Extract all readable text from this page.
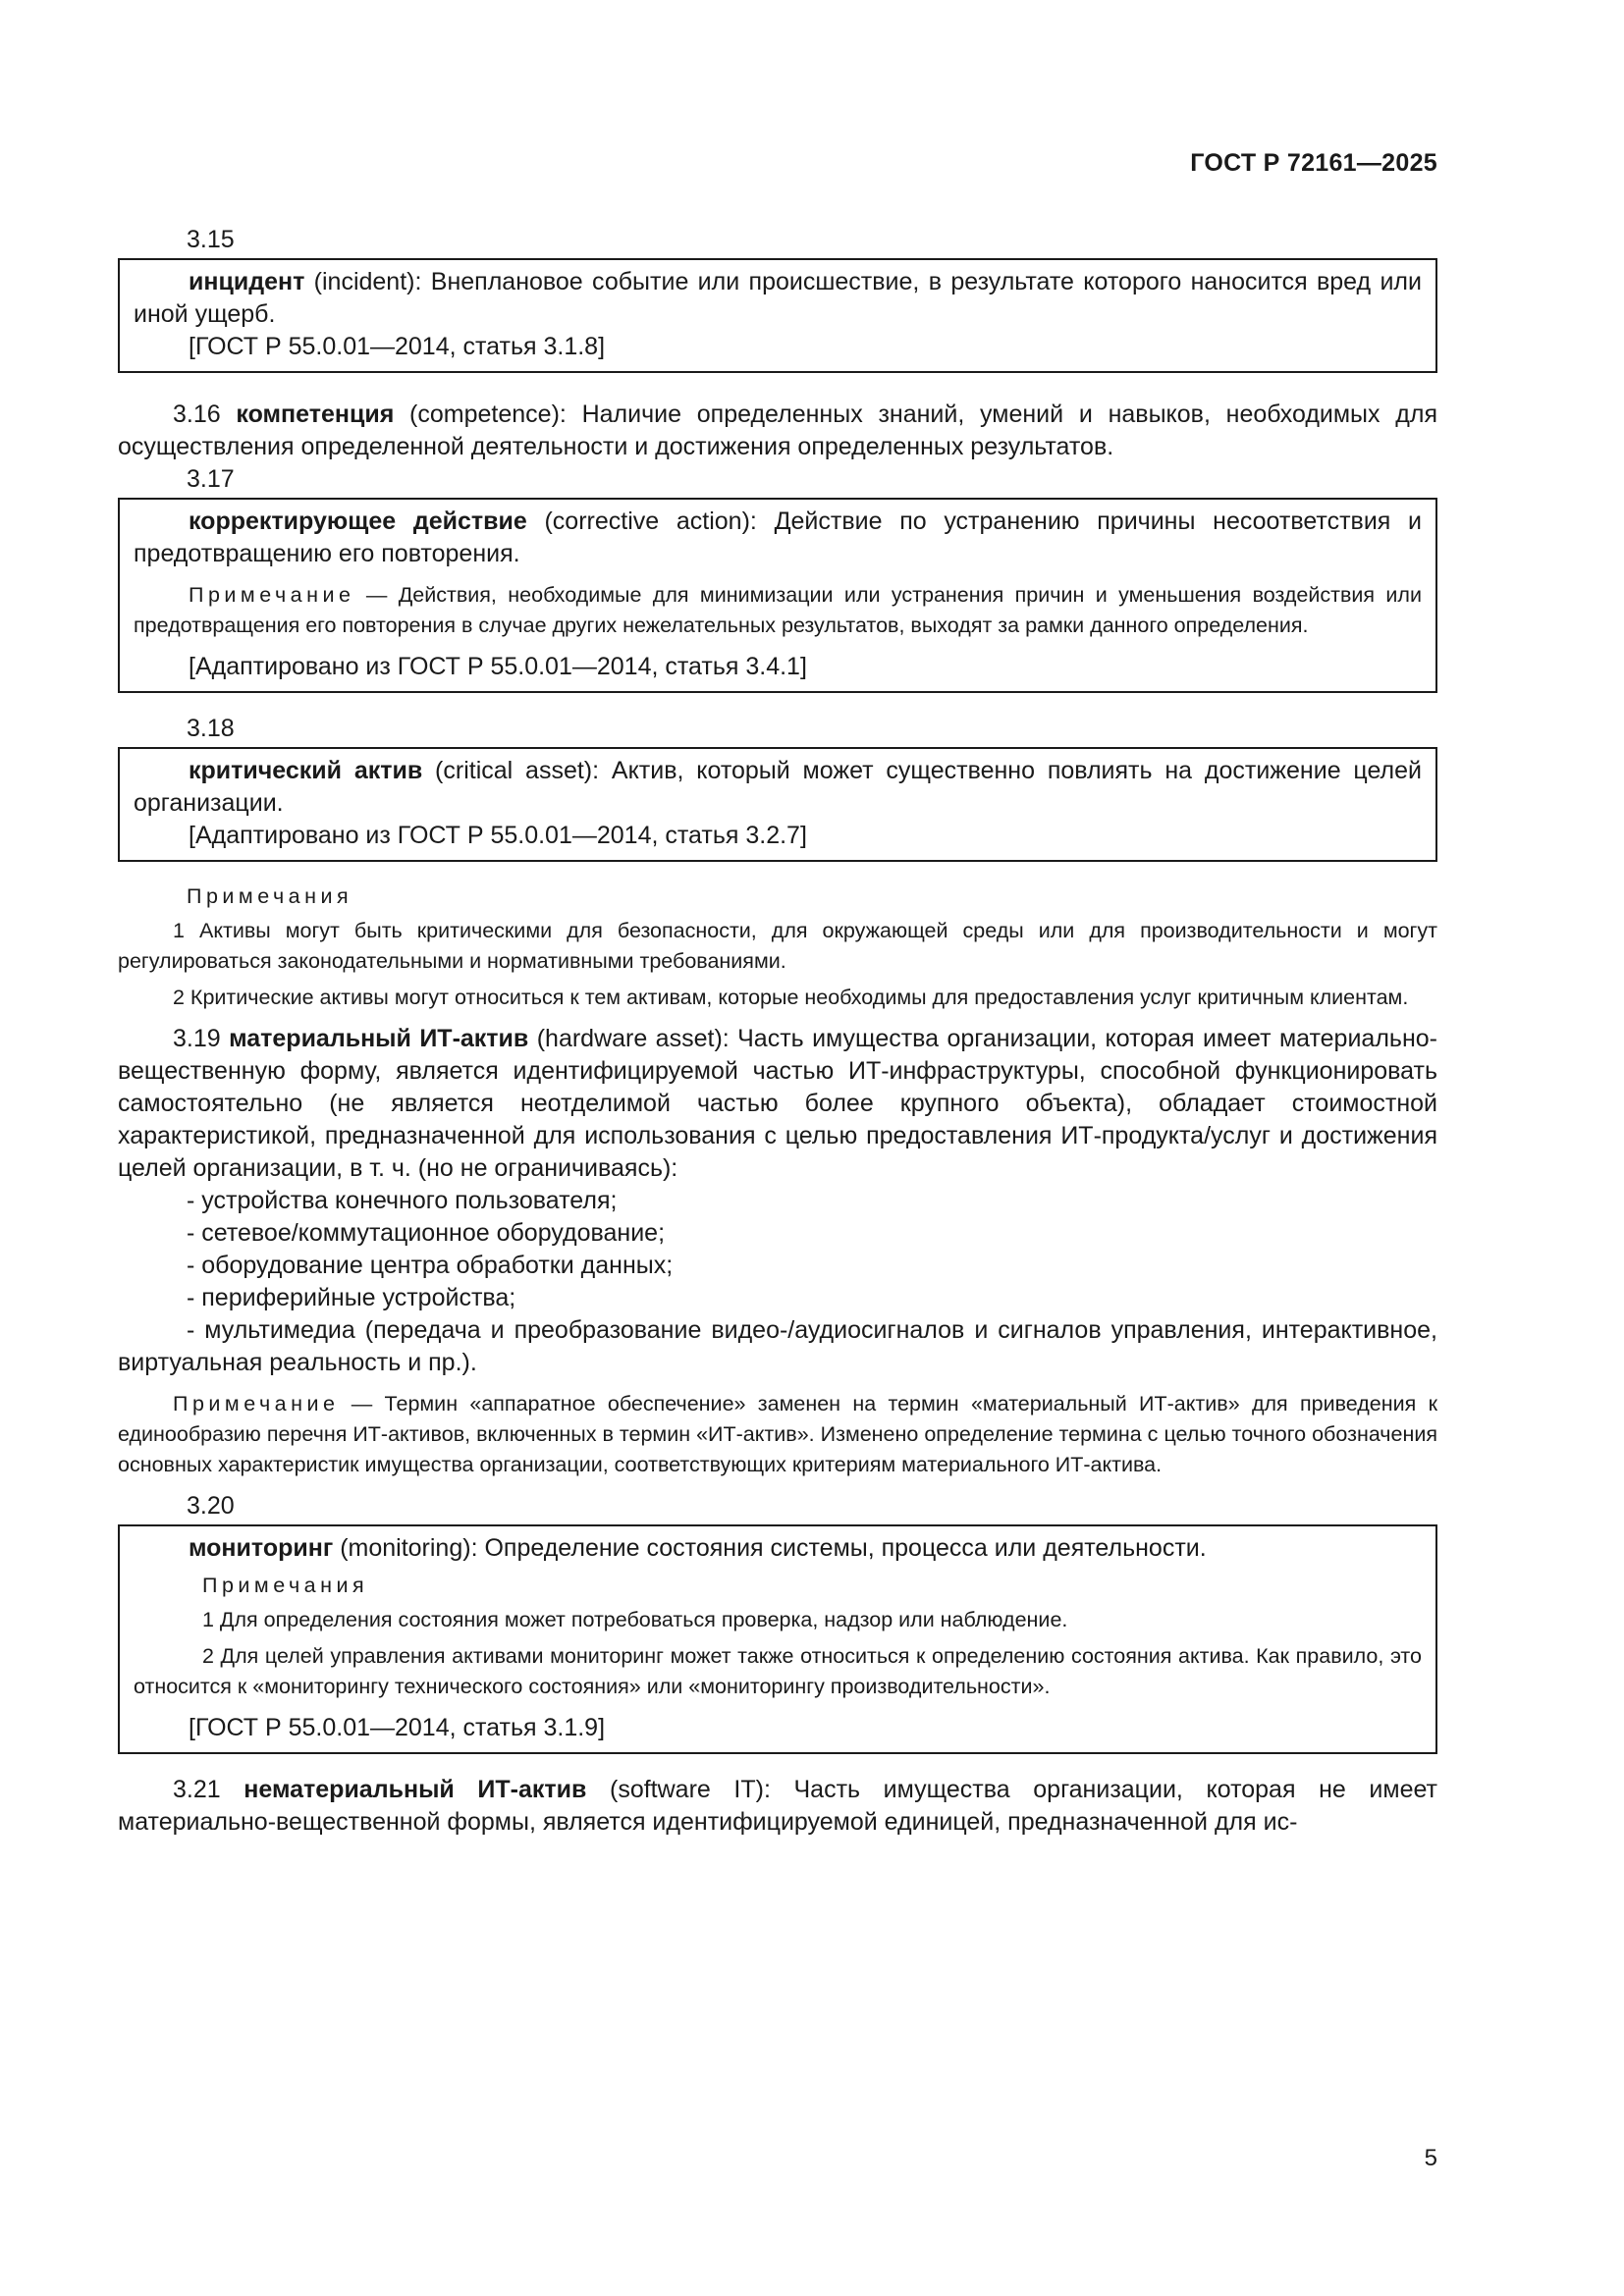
ГОСТ Р 72161—2025
3.15

инцидент (incident): Внеплановое событие или происшествие, в результате которого наносится вред или иной ущерб.

[ГОСТ Р 55.0.01—2014, статья 3.1.8]

3.16 компетенция (competence): Наличие определенных знаний, умений и навыков, необходимых для осуществления определенной деятельности и достижения определенных результатов.

3.17

корректирующее действие (corrective action): Действие по устранению причины несоответствия и предотвращению его повторения.

Примечание — Действия, необходимые для минимизации или устранения причин и уменьшения воздействия или предотвращения его повторения в случае других нежелательных результатов, выходят за рамки данного определения.

[Адаптировано из ГОСТ Р 55.0.01—2014, статья 3.4.1]

3.18

критический актив (critical asset): Актив, который может существенно повлиять на достижение целей организации.

[Адаптировано из ГОСТ Р 55.0.01—2014, статья 3.2.7]

Примечания

1 Активы могут быть критическими для безопасности, для окружающей среды или для производительности и могут регулироваться законодательными и нормативными требованиями.

2 Критические активы могут относиться к тем активам, которые необходимы для предоставления услуг критичным клиентам.

3.19 материальный ИТ-актив (hardware asset): Часть имущества организации, которая имеет материально-вещественную форму, является идентифицируемой частью ИТ-инфраструктуры, способной функционировать самостоятельно (не является неотделимой частью более крупного объекта), обладает стоимостной характеристикой, предназначенной для использования с целью предоставления ИТ-продукта/услуг и достижения целей организации, в т. ч. (но не ограничиваясь):

- устройства конечного пользователя;

- сетевое/коммутационное оборудование;

- оборудование центра обработки данных;

- периферийные устройства;

- мультимедиа (передача и преобразование видео-/аудиосигналов и сигналов управления, интерактивное, виртуальная реальность и пр.).

Примечание — Термин «аппаратное обеспечение» заменен на термин «материальный ИТ-актив» для приведения к единообразию перечня ИТ-активов, включенных в термин «ИТ-актив». Изменено определение термина с целью точного обозначения основных характеристик имущества организации, соответствующих критериям материального ИТ-актива.

3.20

мониторинг (monitoring): Определение состояния системы, процесса или деятельности.

Примечания

1 Для определения состояния может потребоваться проверка, надзор или наблюдение.

2 Для целей управления активами мониторинг может также относиться к определению состояния актива. Как правило, это относится к «мониторингу технического состояния» или «мониторингу производительности».

[ГОСТ Р 55.0.01—2014, статья 3.1.9]

3.21 нематериальный ИТ-актив (software IT): Часть имущества организации, которая не имеет материально-вещественной формы, является идентифицируемой единицей, предназначенной для ис-

5
